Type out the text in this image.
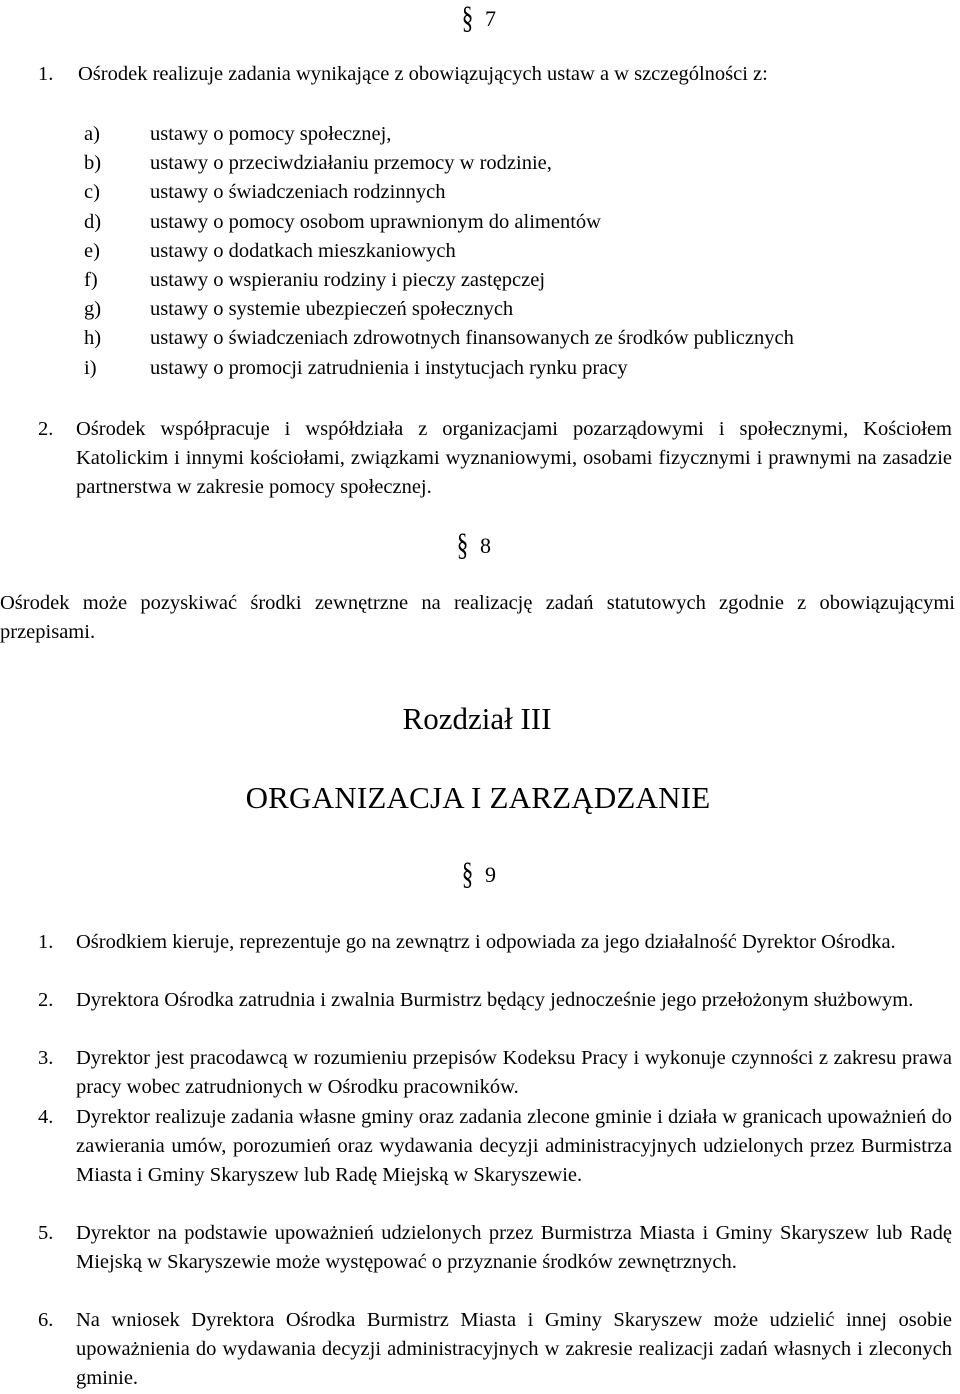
§ 7
1. Ośrodek realizuje zadania wynikające z obowiązujących ustaw a w szczególności z:
a) ustawy o pomocy społecznej,
b) ustawy o przeciwdziałaniu przemocy w rodzinie,
c) ustawy o świadczeniach rodzinnych
d) ustawy o pomocy osobom uprawnionym do alimentów
e) ustawy o dodatkach mieszkaniowych
f)	ustawy o wspieraniu rodziny i pieczy zastępczej
g) ustawy o systemie ubezpieczeń społecznych
h) ustawy o świadczeniach zdrowotnych finansowanych ze środków publicznych
i)	ustawy o promocji zatrudnienia i instytucjach rynku pracy
2. Ośrodek współpracuje i współdziała z organizacjami pozarządowymi i społecznymi, Kościołem Katolickim i innymi kościołami, związkami wyznaniowymi, osobami fizycznymi i prawnymi na zasadzie partnerstwa w zakresie pomocy społecznej.
§ 8
Ośrodek może pozyskiwać środki zewnętrzne na realizację zadań statutowych zgodnie z obowiązującymi przepisami.
Rozdział III
ORGANIZACJA I ZARZĄDZANIE
§ 9
1. Ośrodkiem kieruje, reprezentuje go na zewnątrz i odpowiada za jego działalność Dyrektor Ośrodka.
2. Dyrektora Ośrodka zatrudnia i zwalnia Burmistrz będący jednocześnie jego przełożonym służbowym.
3. Dyrektor jest pracodawcą w rozumieniu przepisów Kodeksu Pracy i wykonuje czynności z zakresu prawa pracy wobec zatrudnionych w Ośrodku pracowników.
4. Dyrektor realizuje zadania własne gminy oraz zadania zlecone gminie i działa w granicach upoważnień do zawierania umów, porozumień oraz wydawania decyzji administracyjnych udzielonych przez Burmistrza Miasta i Gminy Skaryszew lub Radę Miejską w Skaryszewie.
5. Dyrektor na podstawie upoważnień udzielonych przez Burmistrza Miasta i Gminy Skaryszew lub Radę Miejską w Skaryszewie może występować o przyznanie środków zewnętrznych.
6. Na wniosek Dyrektora Ośrodka Burmistrz Miasta i Gminy Skaryszew może udzielić innej osobie upoważnienia do wydawania decyzji administracyjnych w zakresie realizacji zadań własnych i zleconych gminie.
